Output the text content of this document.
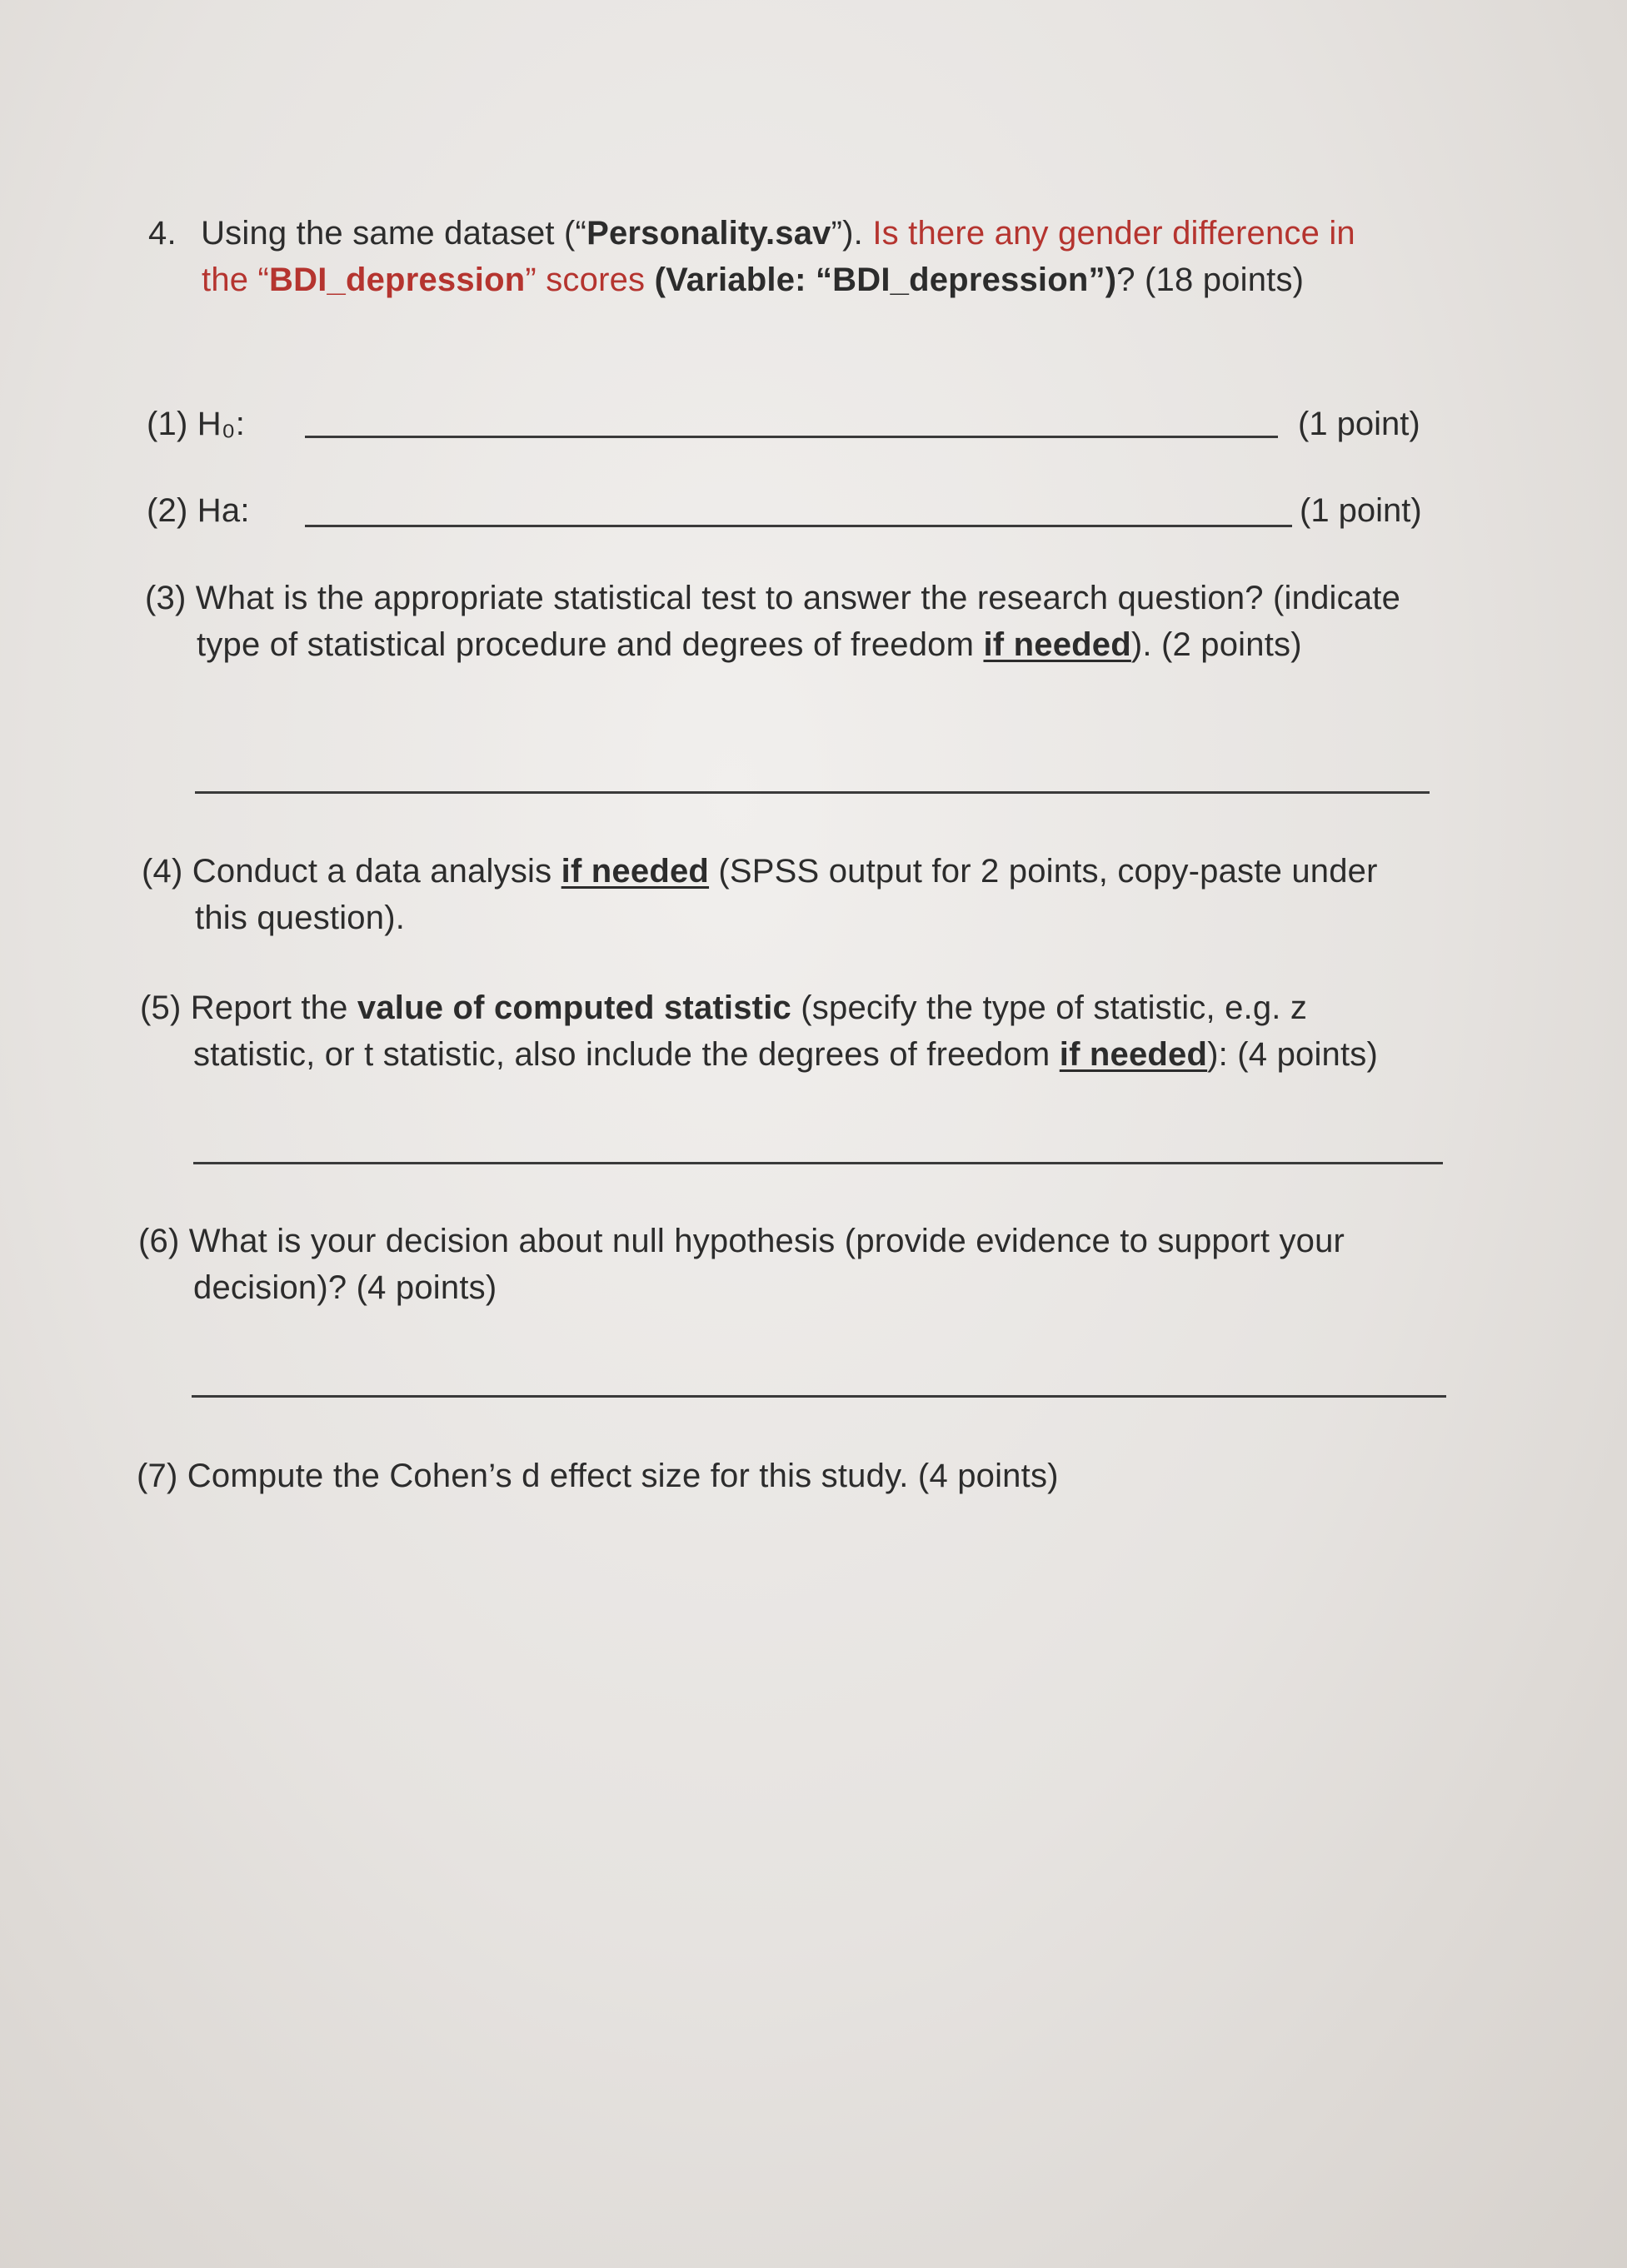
4. Using the same dataset (“Personality.sav”). Is there any gender difference in
the “BDI_depression” scores (Variable: “BDI_depression”)? (18 points)
(1) H₀:	(1 point)
(2) Ha:	(1 point)
(3) What is the appropriate statistical test to answer the research question? (indicate
type of statistical procedure and degrees of freedom if needed). (2 points)
(4) Conduct a data analysis if needed (SPSS output for 2 points, copy-paste under
this question).
(5) Report the value of computed statistic (specify the type of statistic, e.g. z
statistic, or t statistic, also include the degrees of freedom if needed): (4 points)
(6) What is your decision about null hypothesis (provide evidence to support your
decision)? (4 points)
(7) Compute the Cohen’s d effect size for this study. (4 points)
